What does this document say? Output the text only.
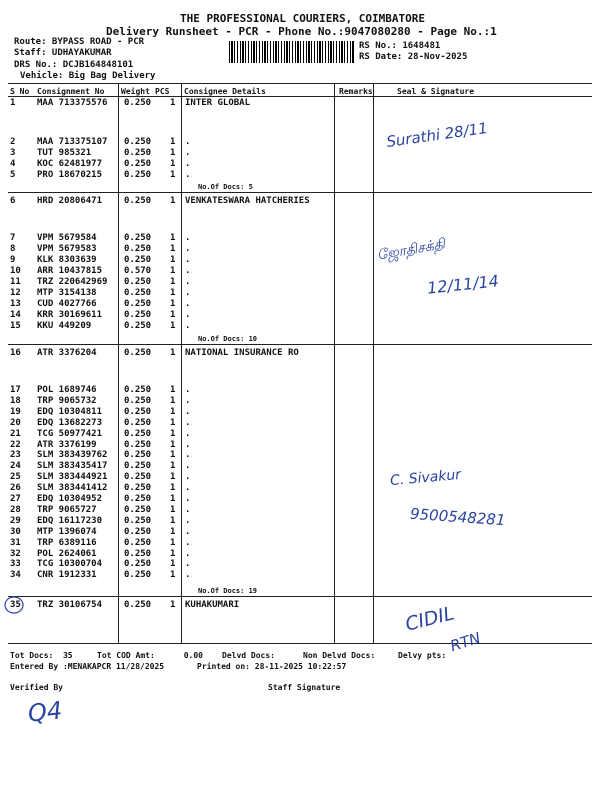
THE PROFESSIONAL COURIERS, COIMBATORE
Delivery Runsheet - PCR - Phone No.:9047080280 - Page No.:1
Route: BYPASS ROAD - PCR
Staff: UDHAYAKUMAR
DRS No.: DCJB164848101
Vehicle: Big Bag Delivery
RS No.: 1648481
RS Date: 28-Nov-2025
S No Consignment No Weight PCS Consignee Details	Remarks	Seal & Signature
1 MAA 713375576 0.250 1 INTER GLOBAL
2 MAA 713375107 0.250 1 .
3 TUT 985321	0.250 1 .
4 KOC 62481977 0.250 1 .
5 PRO 18670215 0.250 1 .
6 HRD 20806471 0.250 1 VENKATESWARA HATCHERIES
7 VPM 5679584	0.250 1 .
8 VPM 5679583	0.250 1 .
9 KLK 8303639	0.250 1 .
10 ARR 10437815 0.570 1 .
11 TRZ 220642969 0.250 1 .
12 MTP 3154138	0.250 1 .
13 CUD 4027766	0.250 1 .
14 KRR 30169611 0.250 1 .
15 KKU 449209	0.250 1 .
16 ATR 3376204	0.250 1 NATIONAL INSURANCE RO
17 POL 1689746	0.250 1 .
18 TRP 9065732	0.250 1 .
19 EDQ 10304811 0.250 1 .
20 EDQ 13682273 0.250 1 .
21 TCG 50977421 0.250 1 .
22 ATR 3376199	0.250 1 .
23 SLM 383439762 0.250 1 .
24 SLM 383435417 0.250 1 .
25 SLM 383444921 0.250 1 .
26 SLM 383441412 0.250 1 .
27 EDQ 10304952 0.250 1 .
28 TRP 9065727	0.250 1 .
29 EDQ 16117230 0.250 1 .
30 MTP 1396074	0.250 1 .
31 TRP 6389116	0.250 1 .
32 POL 2624061	0.250 1 .
33 TCG 10300704 0.250 1 .
34 CNR 1912331	0.250 1 .
35 TRZ 30106754 0.250 1 KUHAKUMARI
No.Of Docs: 5
No.Of Docs: 10
No.Of Docs: 19
Tot Docs:  35	Tot COD Amt:      0.00 Delvd Docs:	Non Delvd Docs:	Delvy pts:
Entered By :MENAKAPCR 11/28/2025	Printed on: 28-11-2025 10:22:57
Verified By	Staff Signature
Surathi 28/11
ஜோதிசக்தி
12/11/14
C. Sivakur
9500548281
CIDIL
RTN
Q4
